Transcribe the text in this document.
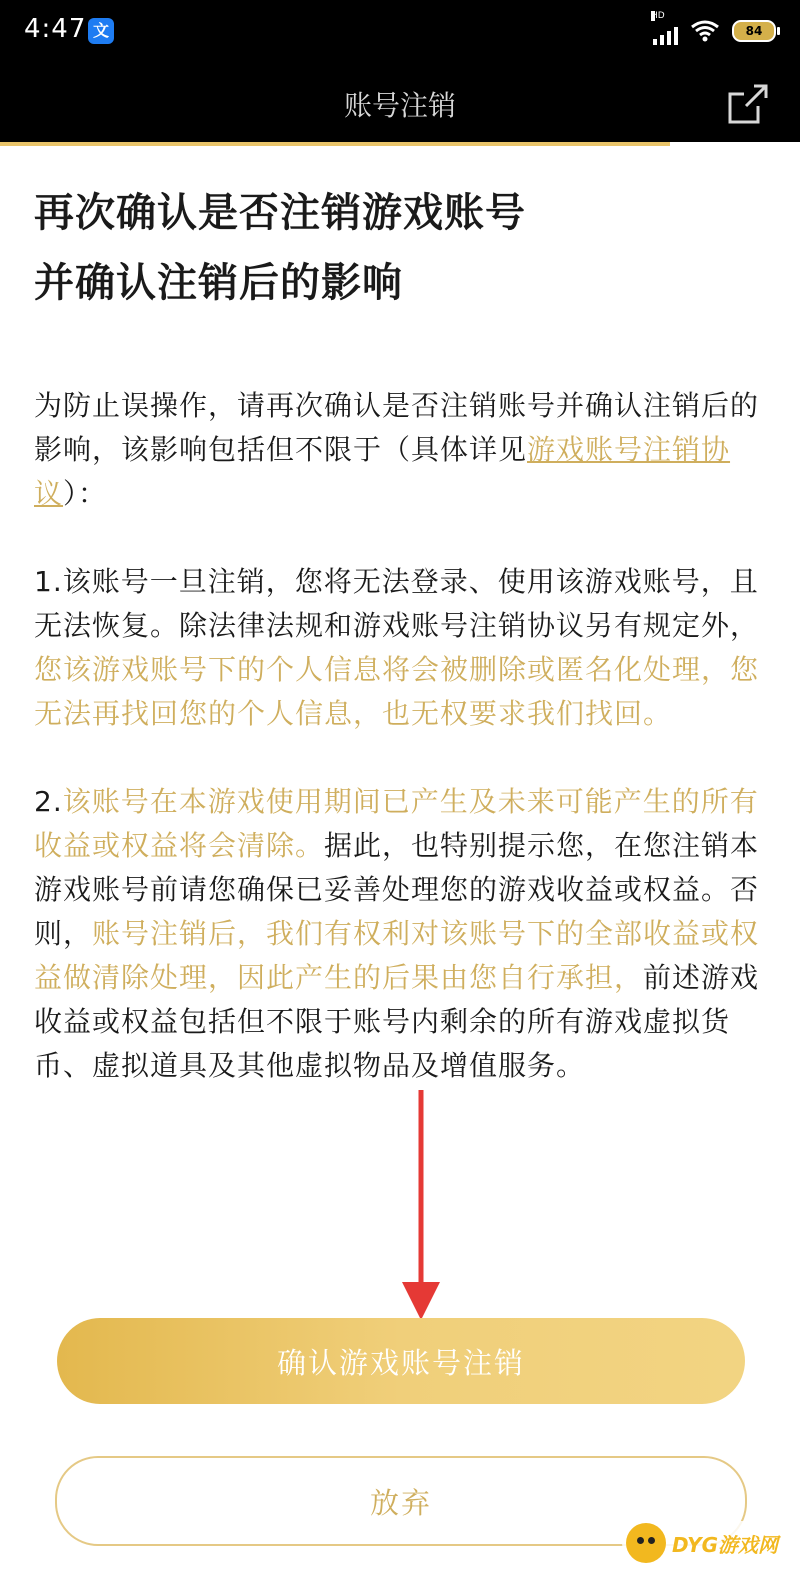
4:47 文
HD
84
账号注销
再次确认是否注销游戏账号
并确认注销后的影响

为防止误操作，请再次确认是否注销账号并确认注销后的影响，该影响包括但不限于（具体详见游戏账号注销协议）：

1.该账号一旦注销，您将无法登录、使用该游戏账号，且无法恢复。除法律法规和游戏账号注销协议另有规定外，您该游戏账号下的个人信息将会被删除或匿名化处理，您无法再找回您的个人信息，也无权要求我们找回。

2.该账号在本游戏使用期间已产生及未来可能产生的所有收益或权益将会清除。据此，也特别提示您，在您注销本游戏账号前请您确保已妥善处理您的游戏收益或权益。否则，账号注销后，我们有权利对该账号下的全部收益或权益做清除处理，因此产生的后果由您自行承担，前述游戏收益或权益包括但不限于账号内剩余的所有游戏虚拟货币、虚拟道具及其他虚拟物品及增值服务。

确认游戏账号注销
放弃
DYG游戏网
